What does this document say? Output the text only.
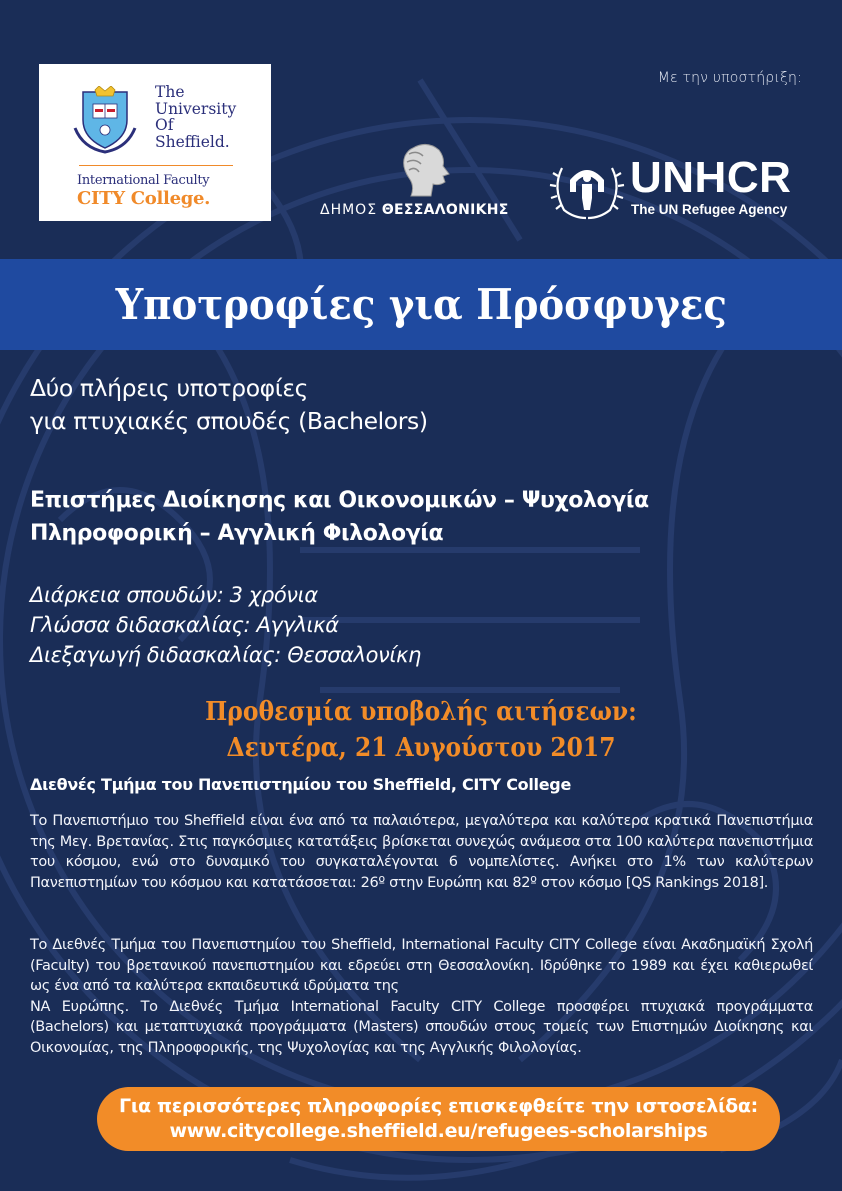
The
University
Of
Sheffield.
International Faculty
CITY College.
Με την υποστήριξη:
ΔΗΜΟΣ ΘΕΣΣΑΛΟΝΙΚΗΣ
UNHCR
The UN Refugee Agency
Υποτροφίες για Πρόσφυγες
Δύο πλήρεις υποτροφίες
για πτυχιακές σπουδές (Bachelors)
Επιστήμες Διοίκησης και Οικονομικών – Ψυχολογία
Πληροφορική – Αγγλική Φιλολογία
Διάρκεια σπουδών: 3 χρόνια
Γλώσσα διδασκαλίας: Αγγλικά
Διεξαγωγή διδασκαλίας: Θεσσαλονίκη
Προθεσμία υποβολής αιτήσεων:
Δευτέρα, 21 Αυγούστου 2017
Διεθνές Τμήμα του Πανεπιστημίου του Sheffield, CITY College
Το Πανεπιστήμιο του Sheffield είναι ένα από τα παλαιότερα, μεγαλύτερα και καλύτερα κρατικά Πανεπιστήμια της Μεγ. Βρετανίας. Στις παγκόσμιες κατατάξεις βρίσκεται συνεχώς ανάμεσα στα 100 καλύτερα πανεπιστήμια του κόσμου, ενώ στο δυναμικό του συγκαταλέγονται 6 νομπελίστες. Ανήκει στο 1% των καλύτερων Πανεπιστημίων του κόσμου και κατατάσσεται: 26º στην Ευρώπη και 82º στον κόσμο [QS Rankings 2018].
Το Διεθνές Τμήμα του Πανεπιστημίου του Sheffield, International Faculty CITY College είναι Ακαδημαϊκή Σχολή (Faculty) του βρετανικού πανεπιστημίου και εδρεύει στη Θεσσαλονίκη. Ιδρύθηκε το 1989 και έχει καθιερωθεί ως ένα από τα καλύτερα εκπαιδευτικά ιδρύματα της
ΝΑ Ευρώπης. Το Διεθνές Τμήμα International Faculty CITY College προσφέρει πτυχιακά προγράμματα (Bachelors) και μεταπτυχιακά προγράμματα (Masters) σπουδών στους τομείς των Επιστημών Διοίκησης και Οικονομίας, της Πληροφορικής, της Ψυχολογίας και της Αγγλικής Φιλολογίας.
Για περισσότερες πληροφορίες επισκεφθείτε την ιστοσελίδα:
www.citycollege.sheffield.eu/refugees-scholarships
